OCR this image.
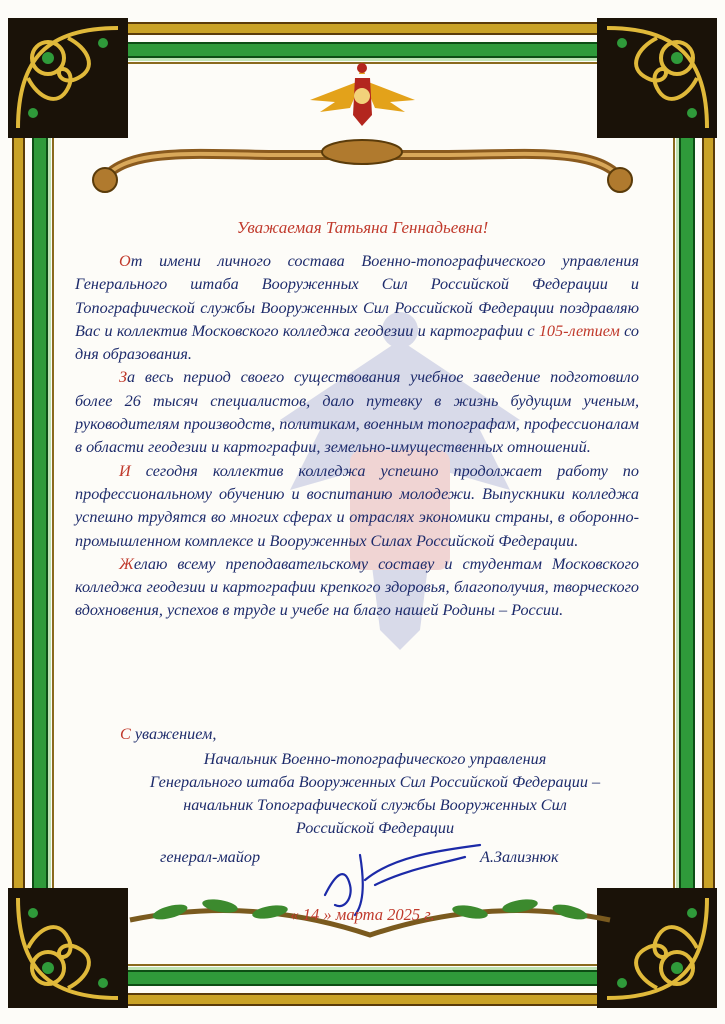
Уважаемая Татьяна Геннадьевна!

От имени личного состава Военно-топографического управления Генерального штаба Вооруженных Сил Российской Федерации и Топографической службы Вооруженных Сил Российской Федерации поздравляю Вас и коллектив Московского колледжа геодезии и картографии с 105-летием со дня образования.

За весь период своего существования учебное заведение подготовило более 26 тысяч специалистов, дало путевку в жизнь будущим ученым, руководителям производств, политикам, военным топографам, профессионалам в области геодезии и картографии, земельно-имущественных отношений.

И сегодня коллектив колледжа успешно продолжает работу по профессиональному обучению и воспитанию молодежи. Выпускники колледжа успешно трудятся во многих сферах и отраслях экономики страны, в оборонно-промышленном комплексе и Вооруженных Силах Российской Федерации.

Желаю всему преподавательскому составу и студентам Московского колледжа геодезии и картографии крепкого здоровья, благополучия, творческого вдохновения, успехов в труде и учебе на благо нашей Родины – России.

С уважением,
Начальник Военно-топографического управления
Генерального штаба Вооруженных Сил Российской Федерации –
начальник Топографической службы Вооруженных Сил
Российской Федерации
генерал-майор	А.Зализнюк
« 14 » марта 2025 г.
